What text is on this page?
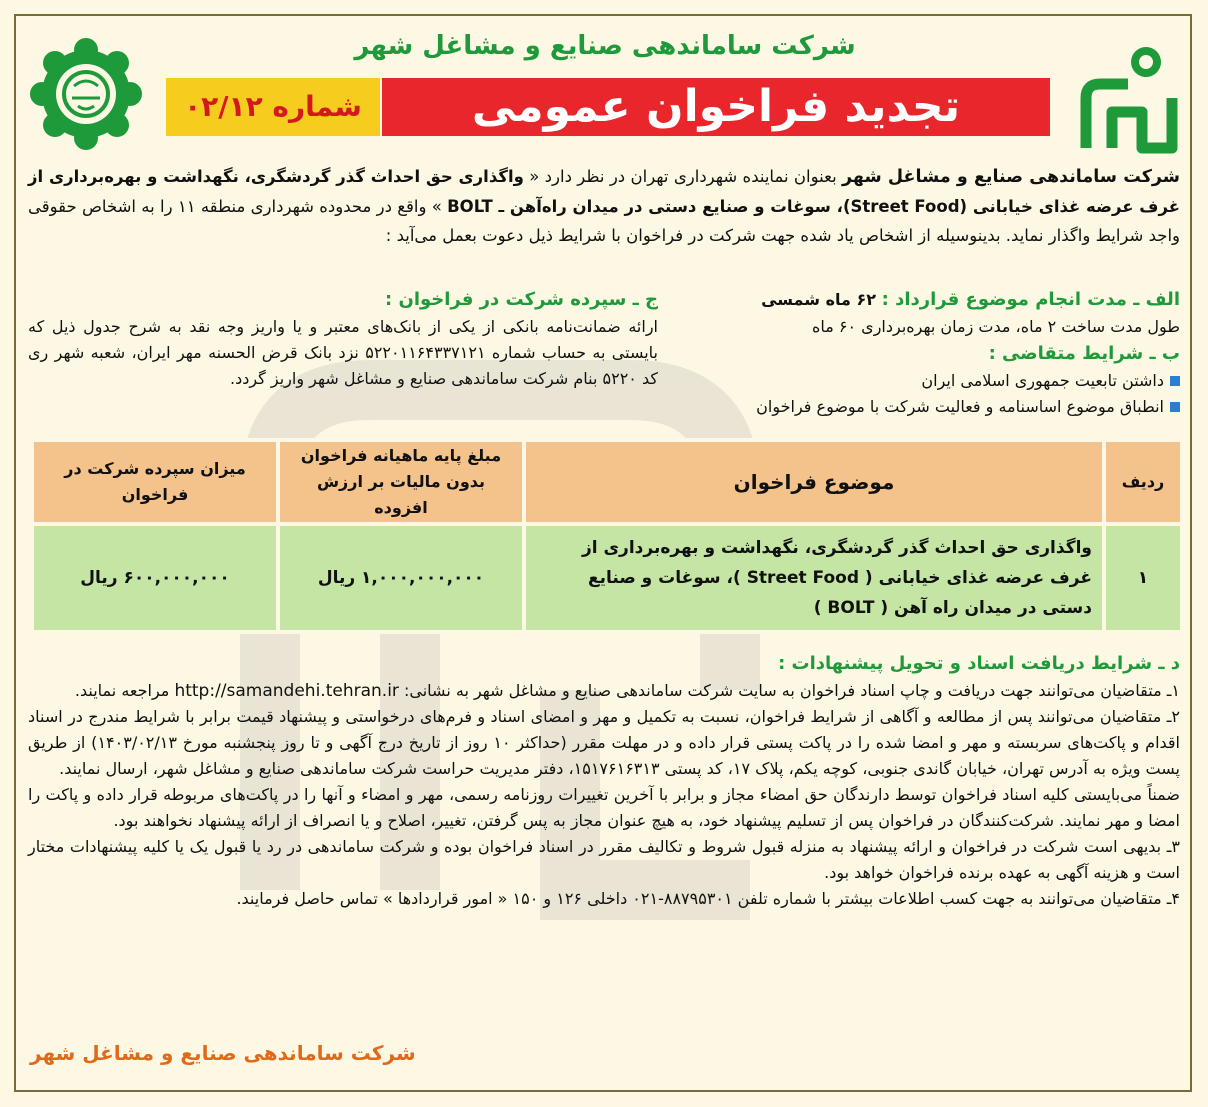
شرکت ساماندهی صنایع و مشاغل شهر
تجدید فراخوان عمومی
شماره ۰۲/۱۲
شرکت ساماندهی صنایع و مشاغل شهر بعنوان نماینده شهرداری تهران در نظر دارد « واگذاری حق احداث گذر گردشگری، نگهداشت و بهره‌برداری از غرف عرضه غذای خیابانی (Street Food)، سوغات و صنایع دستی در میدان راه‌آهن ـ BOLT » واقع در محدوده شهرداری منطقه ۱۱ را به اشخاص حقوقی واجد شرایط واگذار نماید. بدینوسیله از اشخاص یاد شده جهت شرکت در فراخوان با شرایط ذیل دعوت بعمل می‌آید :
الف ـ مدت انجام موضوع قرارداد : ۶۲ ماه شمسی
طول مدت ساخت ۲ ماه، مدت زمان بهره‌برداری ۶۰ ماه
ب ـ شرایط متقاضی :
داشتن تابعیت جمهوری اسلامی ایران
انطباق موضوع اساسنامه و فعالیت شرکت با موضوع فراخوان
ج ـ سپرده شرکت در فراخوان :
ارائه ضمانت‌نامه بانکی از یکی از بانک‌های معتبر و یا واریز وجه نقد به شرح جدول ذیل که بایستی به حساب شماره ۵۲۲۰۱۱۶۴۳۳۷۱۲۱ نزد بانک قرض الحسنه مهر ایران، شعبه شهر ری کد ۵۲۲۰ بنام شرکت ساماندهی صنایع و مشاغل شهر واریز گردد.
ردیف	موضوع فراخوان	مبلغ پایه ماهیانه فراخوان بدون مالیات بر ارزش افزوده	میزان سپرده شرکت در فراخوان
۱	واگذاری حق احداث گذر گردشگری، نگهداشت و بهره‌برداری از غرف عرضه غذای خیابانی ( Street Food )، سوغات و صنایع دستی در میدان راه آهن ( BOLT )	۱,۰۰۰,۰۰۰,۰۰۰ ریال	۶۰۰,۰۰۰,۰۰۰ ریال
د ـ شرایط دریافت اسناد و تحویل پیشنهادات :

۱ـ متقاضیان می‌توانند جهت دریافت و چاپ اسناد فراخوان به سایت شرکت ساماندهی صنایع و مشاغل شهر به نشانی: http://samandehi.tehran.ir مراجعه نمایند.

۲ـ متقاضیان می‌توانند پس از مطالعه و آگاهی از شرایط فراخوان، نسبت به تکمیل و مهر و امضای اسناد و فرم‌های درخواستی و پیشنهاد قیمت برابر با شرایط مندرج در اسناد اقدام و پاکت‌های سربسته و مهر و امضا شده را در پاکت پستی قرار داده و در مهلت مقرر (حداکثر ۱۰ روز از تاریخ درج آگهی و تا روز پنجشنبه مورخ ۱۴۰۳/۰۲/۱۳) از طریق پست ویژه به آدرس تهران، خیابان گاندی جنوبی، کوچه یکم، پلاک ۱۷، کد پستی ۱۵۱۷۶۱۶۳۱۳، دفتر مدیریت حراست شرکت ساماندهی صنایع و مشاغل شهر، ارسال نمایند.

ضمناً می‌بایستی کلیه اسناد فراخوان توسط دارندگان حق امضاء مجاز و برابر با آخرین تغییرات روزنامه رسمی، مهر و امضاء و آنها را در پاکت‌های مربوطه قرار داده و پاکت را امضا و مهر نمایند. شرکت‌کنندگان در فراخوان پس از تسلیم پیشنهاد خود، به هیچ عنوان مجاز به پس گرفتن، تغییر، اصلاح و یا انصراف از ارائه پیشنهاد نخواهند بود.

۳ـ بدیهی است شرکت در فراخوان و ارائه پیشنهاد به منزله قبول شروط و تکالیف مقرر در اسناد فراخوان بوده و شرکت ساماندهی در رد یا قبول یک یا کلیه پیشنهادات مختار است و هزینه آگهی به عهده برنده فراخوان خواهد بود.

۴ـ متقاضیان می‌توانند به جهت کسب اطلاعات بیشتر با شماره تلفن ۸۸۷۹۵۳۰۱-۰۲۱ داخلی ۱۲۶ و ۱۵۰ « امور قراردادها » تماس حاصل فرمایند.

شرکت ساماندهی صنایع و مشاغل شهر
